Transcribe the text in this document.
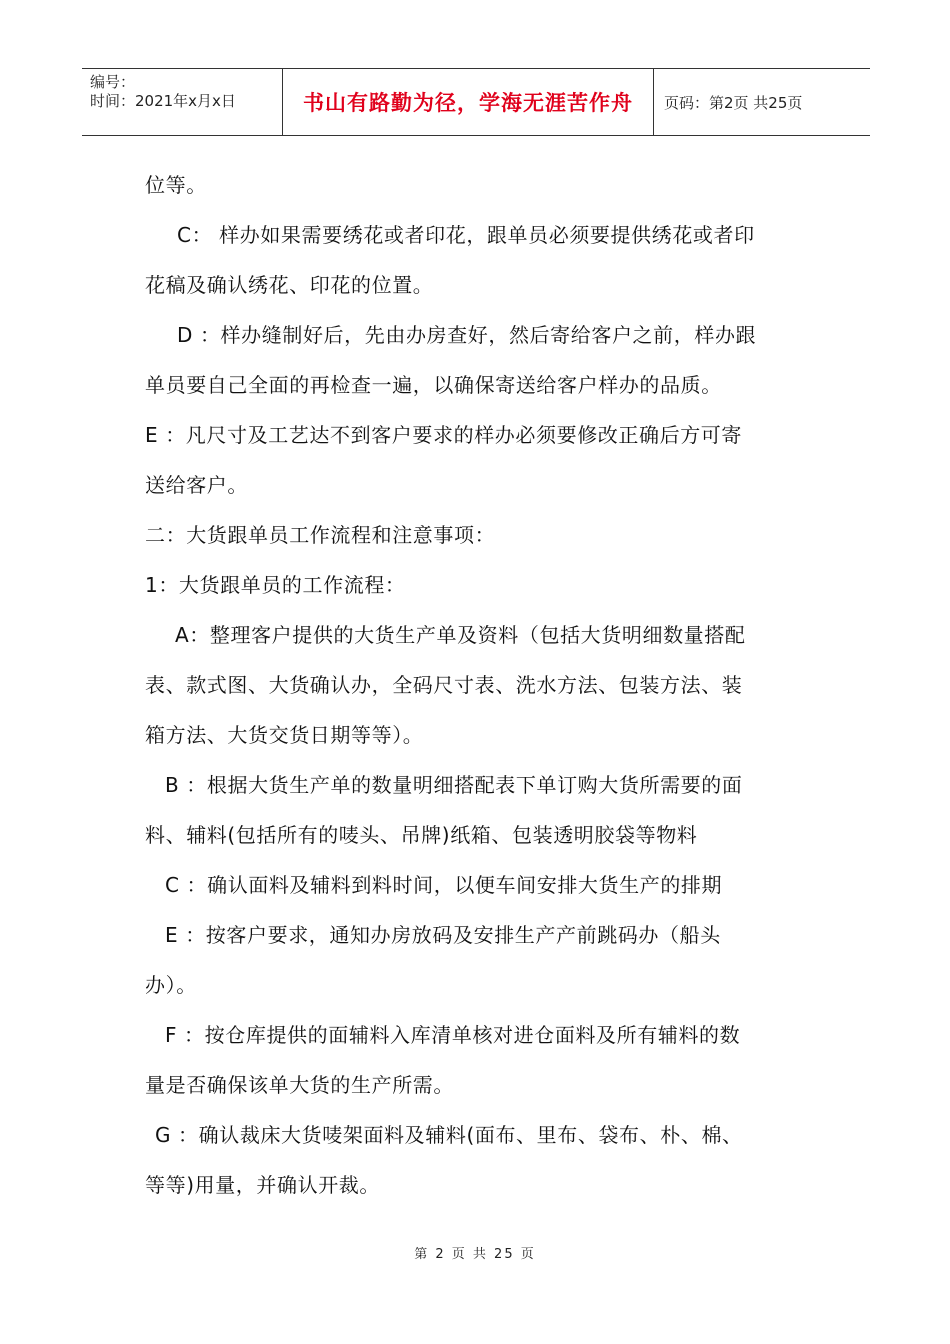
编号：
时间：2021年x月x日	书山有路勤为径，学海无涯苦作舟 页码：第2页 共25页

位等。

C： 样办如果需要绣花或者印花，跟单员必须要提供绣花或者印

花稿及确认绣花、印花的位置。

D ：样办缝制好后，先由办房查好，然后寄给客户之前，样办跟

单员要自己全面的再检查一遍，以确保寄送给客户样办的品质。

E ：凡尺寸及工艺达不到客户要求的样办必须要修改正确后方可寄

送给客户。

二：大货跟单员工作流程和注意事项：

1：大货跟单员的工作流程：

A：整理客户提供的大货生产单及资料（包括大货明细数量搭配

表、款式图、大货确认办，全码尺寸表、洗水方法、包装方法、装

箱方法、大货交货日期等等）。

B ：根据大货生产单的数量明细搭配表下单订购大货所需要的面

料、辅料(包括所有的唛头、吊牌)纸箱、包装透明胶袋等物料

C ：确认面料及辅料到料时间，以便车间安排大货生产的排期

E ：按客户要求，通知办房放码及安排生产产前跳码办（船头

办）。

F ：按仓库提供的面辅料入库清单核对进仓面料及所有辅料的数

量是否确保该单大货的生产所需。

G ：确认裁床大货唛架面料及辅料(面布、里布、袋布、朴、棉、

等等)用量，并确认开裁。

第 2 页 共 25 页
